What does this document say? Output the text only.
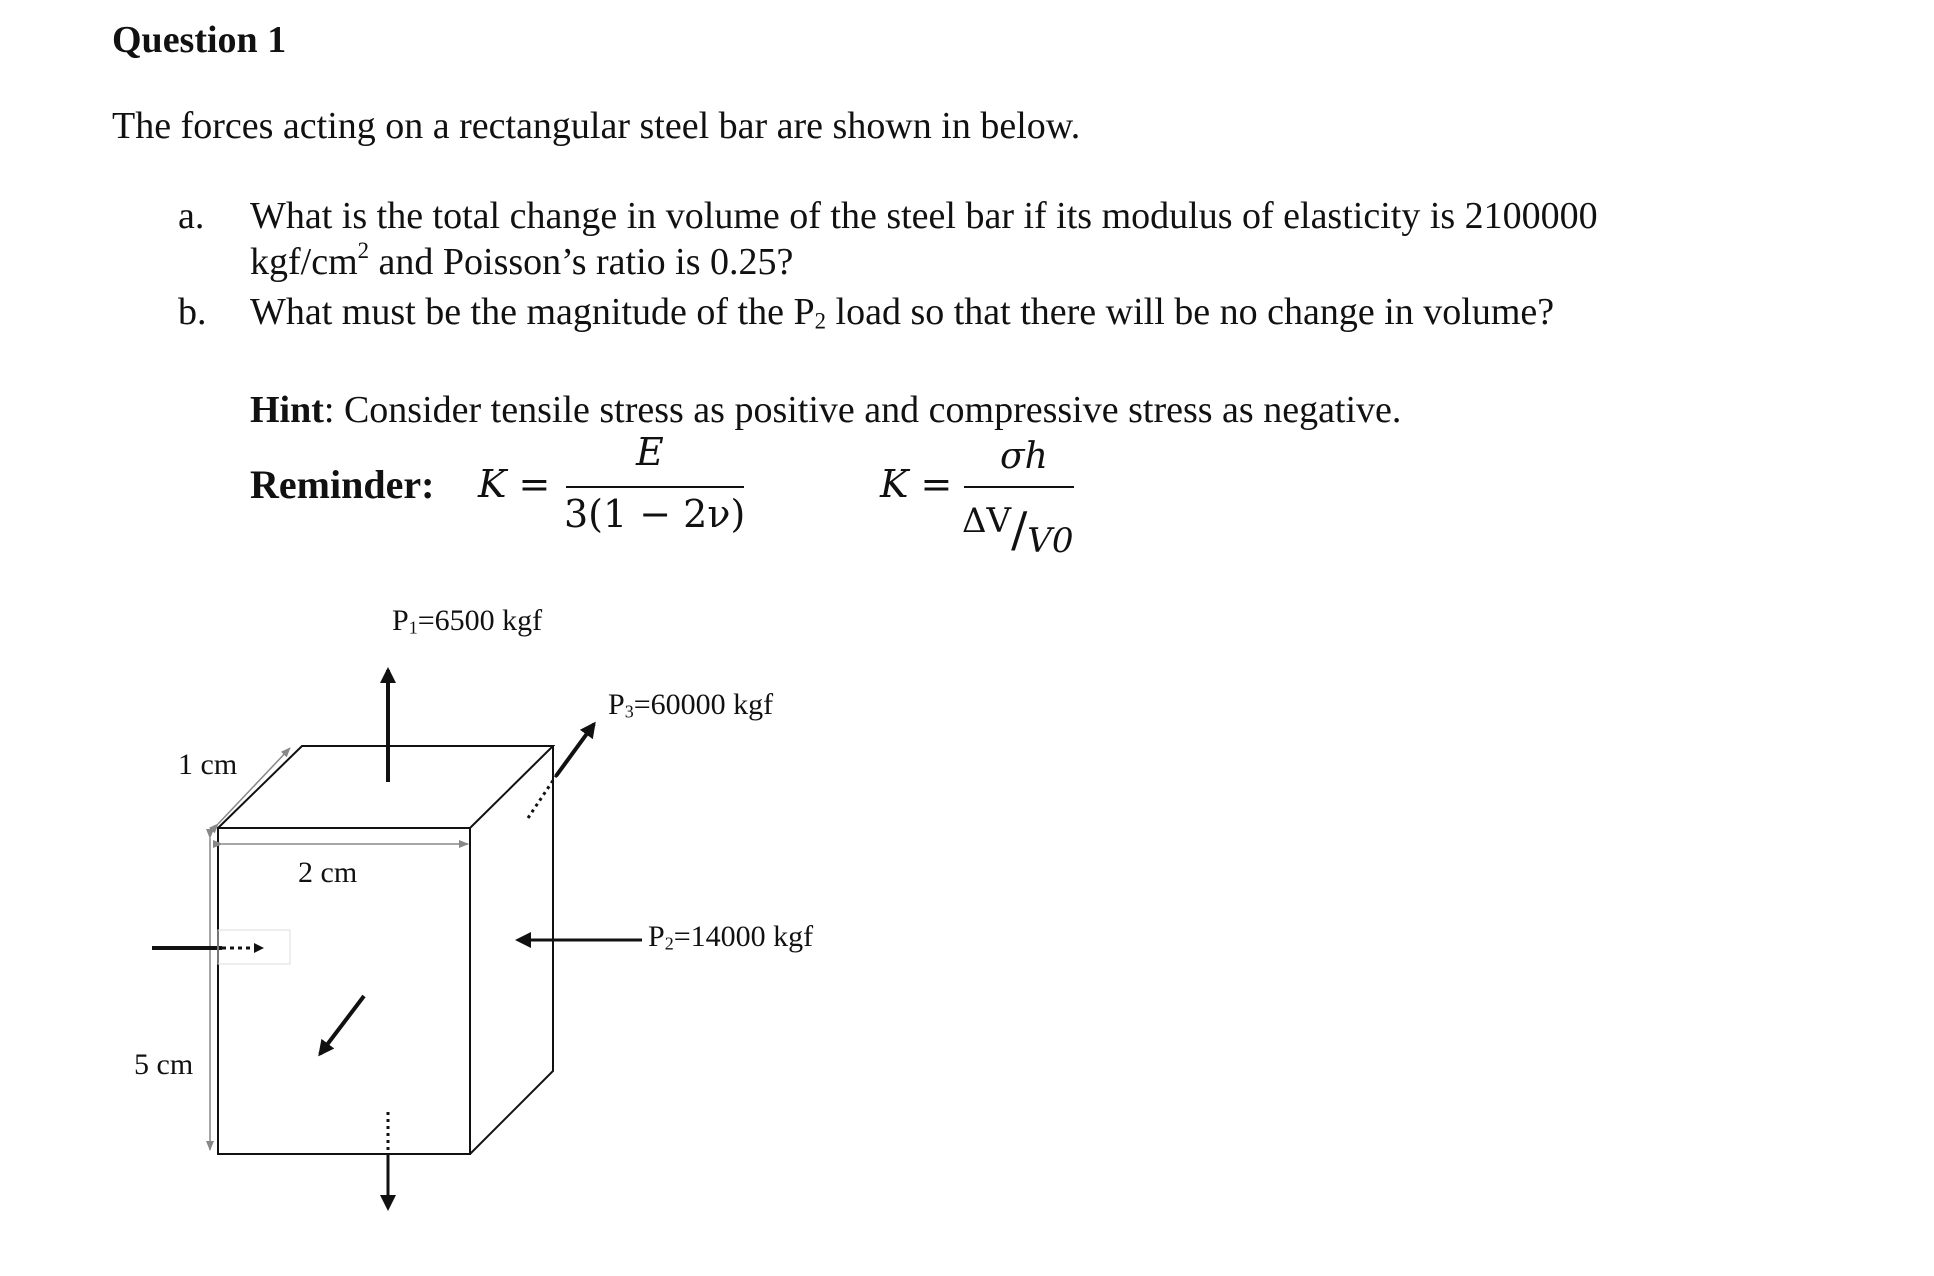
Question 1
The forces acting on a rectangular steel bar are shown in below.
a. What is the total change in volume of the steel bar if its modulus of elasticity is 2100000
kgf/$cm^2$ and Poisson’s ratio is 0.25?
b. What must be the magnitude of the $P_2$ load so that there will be no change in volume?
Hint: Consider tensile stress as positive and compressive stress as negative.
Reminder: K =
E
3(1 − 2ν)
K =
σh
ΔV/V0
$P_1=6500$ kgf
$P_3=60000$ kgf
$P_2=14000$ kgf
1 cm
2 cm
5 cm
